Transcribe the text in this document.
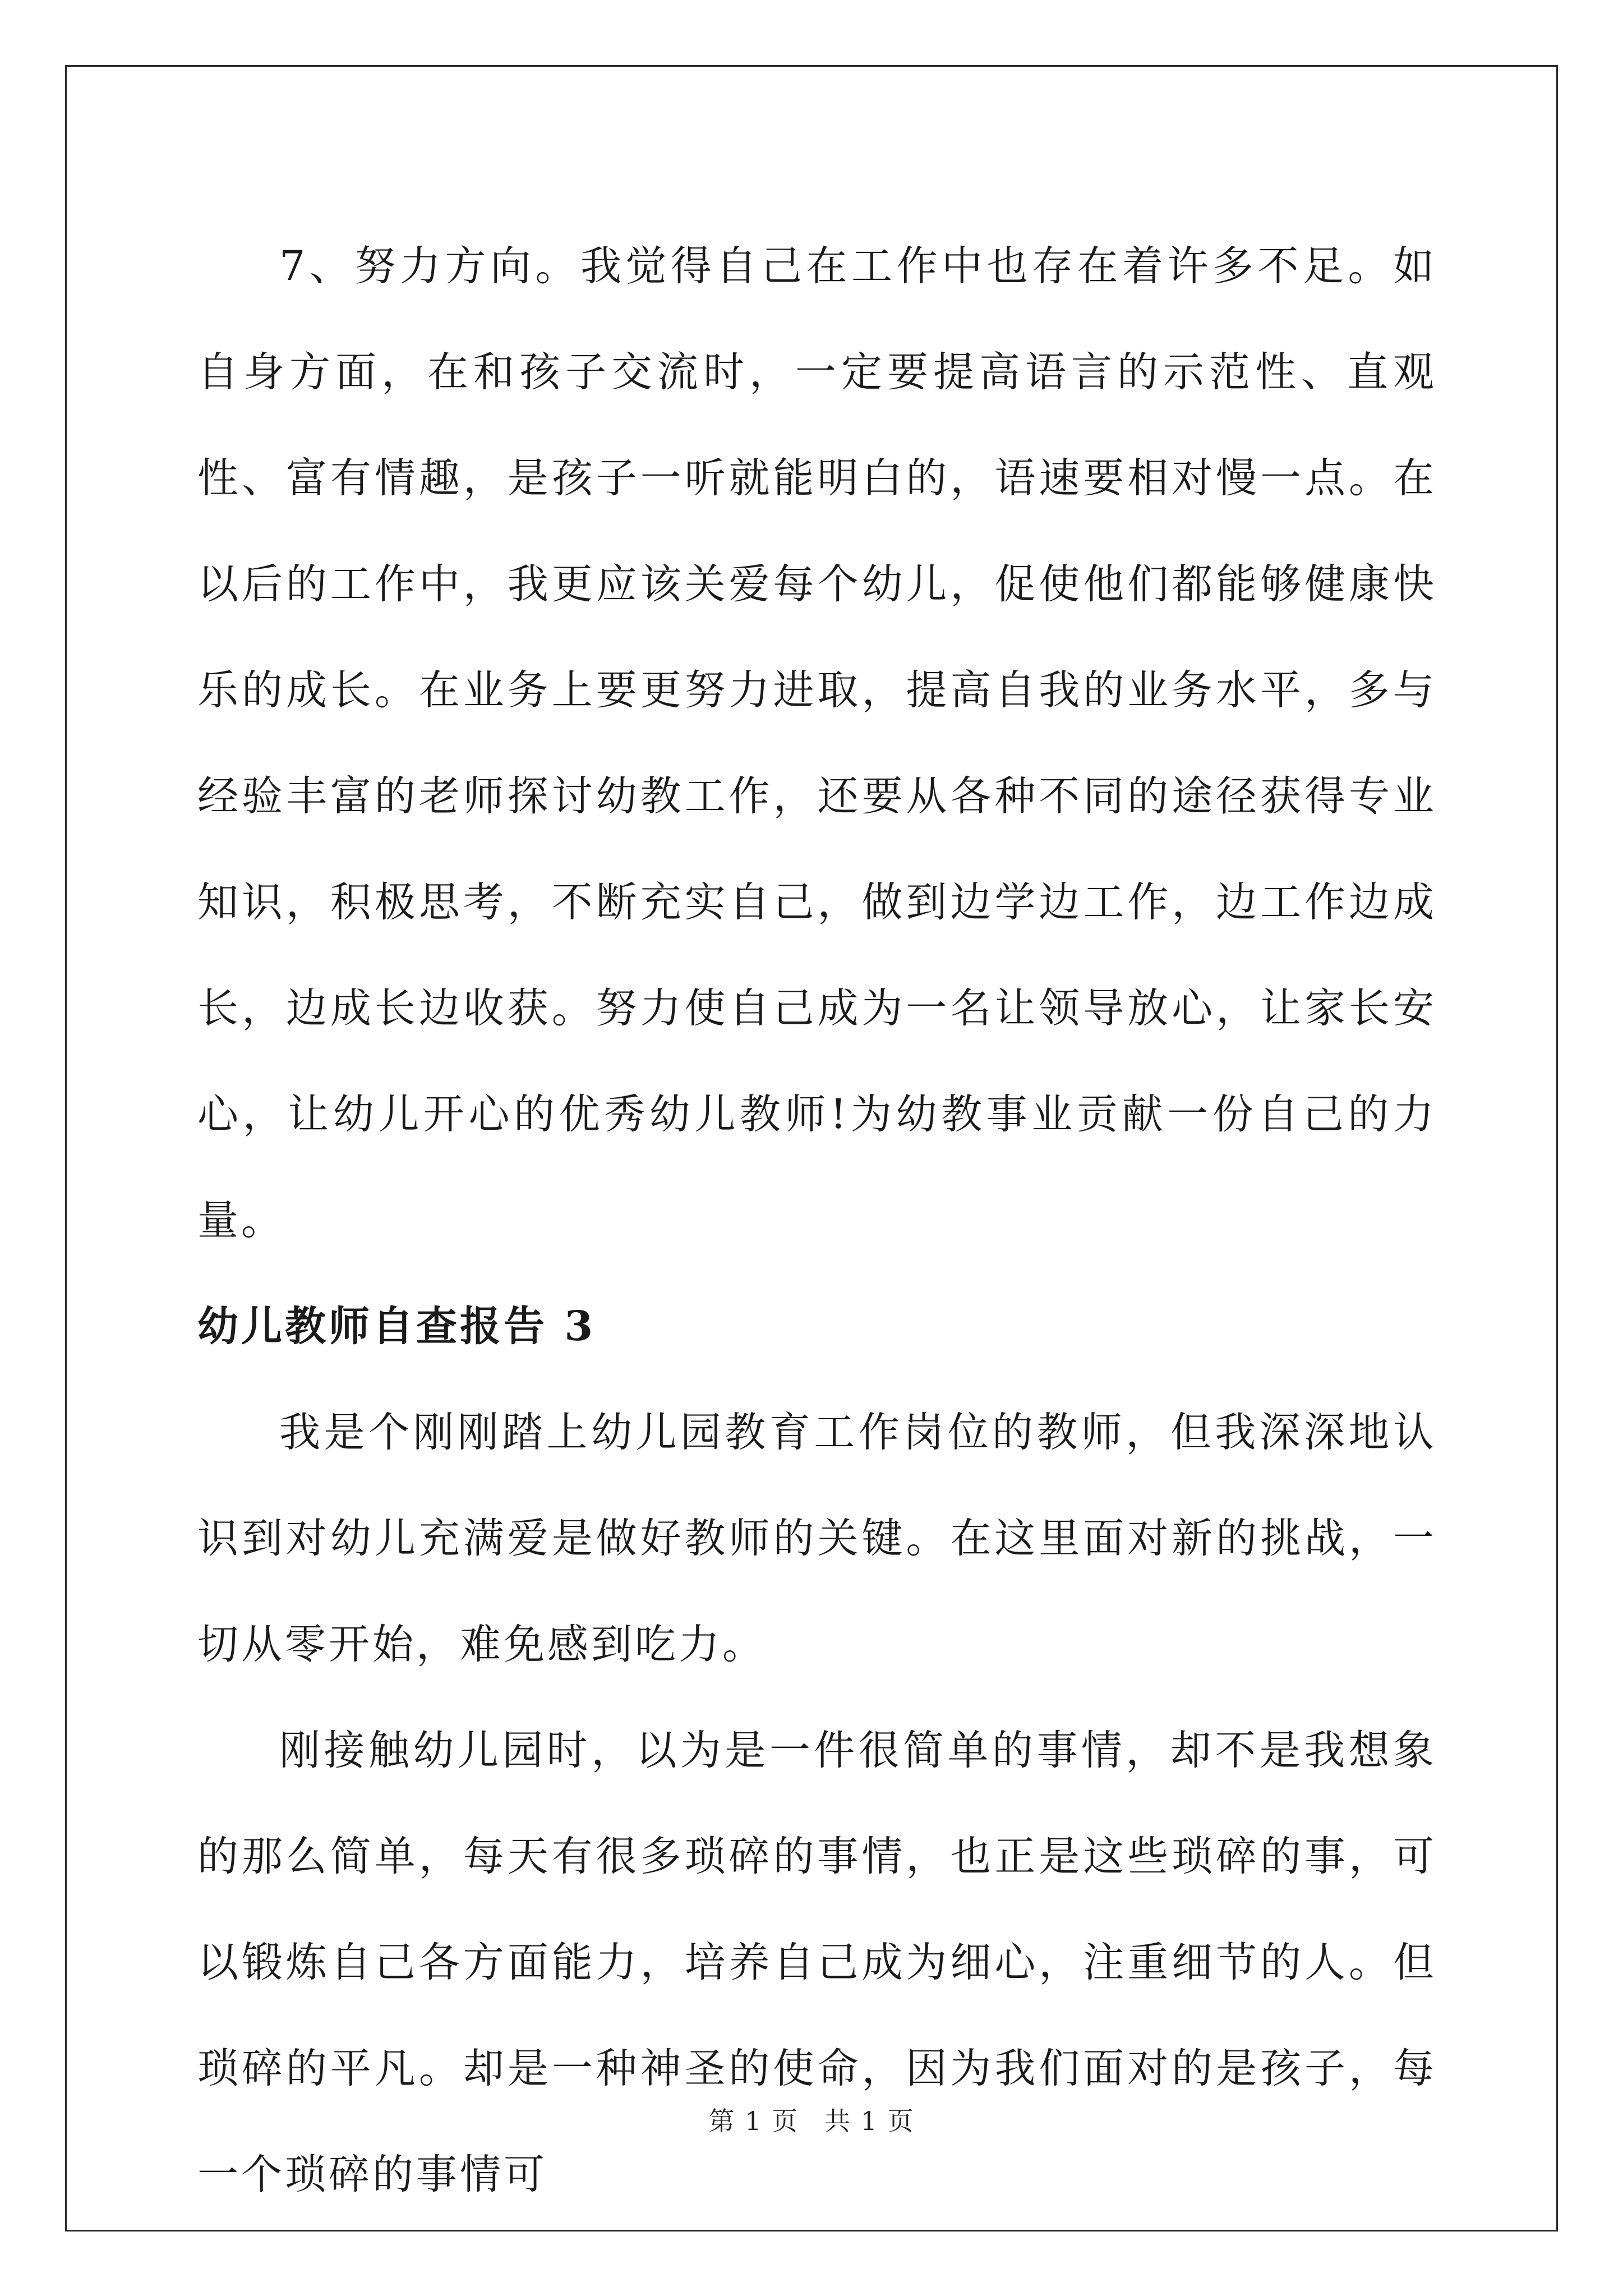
7、努力方向。我觉得自己在工作中也存在着许多不足。如自身方面，在和孩子交流时，一定要提高语言的示范性、直观性、富有情趣，是孩子一听就能明白的，语速要相对慢一点。在以后的工作中，我更应该关爱每个幼儿，促使他们都能够健康快乐的成长。在业务上要更努力进取，提高自我的业务水平，多与经验丰富的老师探讨幼教工作，还要从各种不同的途径获得专业知识，积极思考，不断充实自己，做到边学边工作，边工作边成长，边成长边收获。努力使自己成为一名让领导放心，让家长安心，让幼儿开心的优秀幼儿教师!为幼教事业贡献一份自己的力量。

幼儿教师自查报告 3

我是个刚刚踏上幼儿园教育工作岗位的教师，但我深深地认识到对幼儿充满爱是做好教师的关键。在这里面对新的挑战，一切从零开始，难免感到吃力。

刚接触幼儿园时，以为是一件很简单的事情，却不是我想象的那么简单，每天有很多琐碎的事情，也正是这些琐碎的事，可以锻炼自己各方面能力，培养自己成为细心，注重细节的人。但琐碎的平凡。却是一种神圣的使命，因为我们面对的是孩子，每一个琐碎的事情可

第 1 页 共 1 页
